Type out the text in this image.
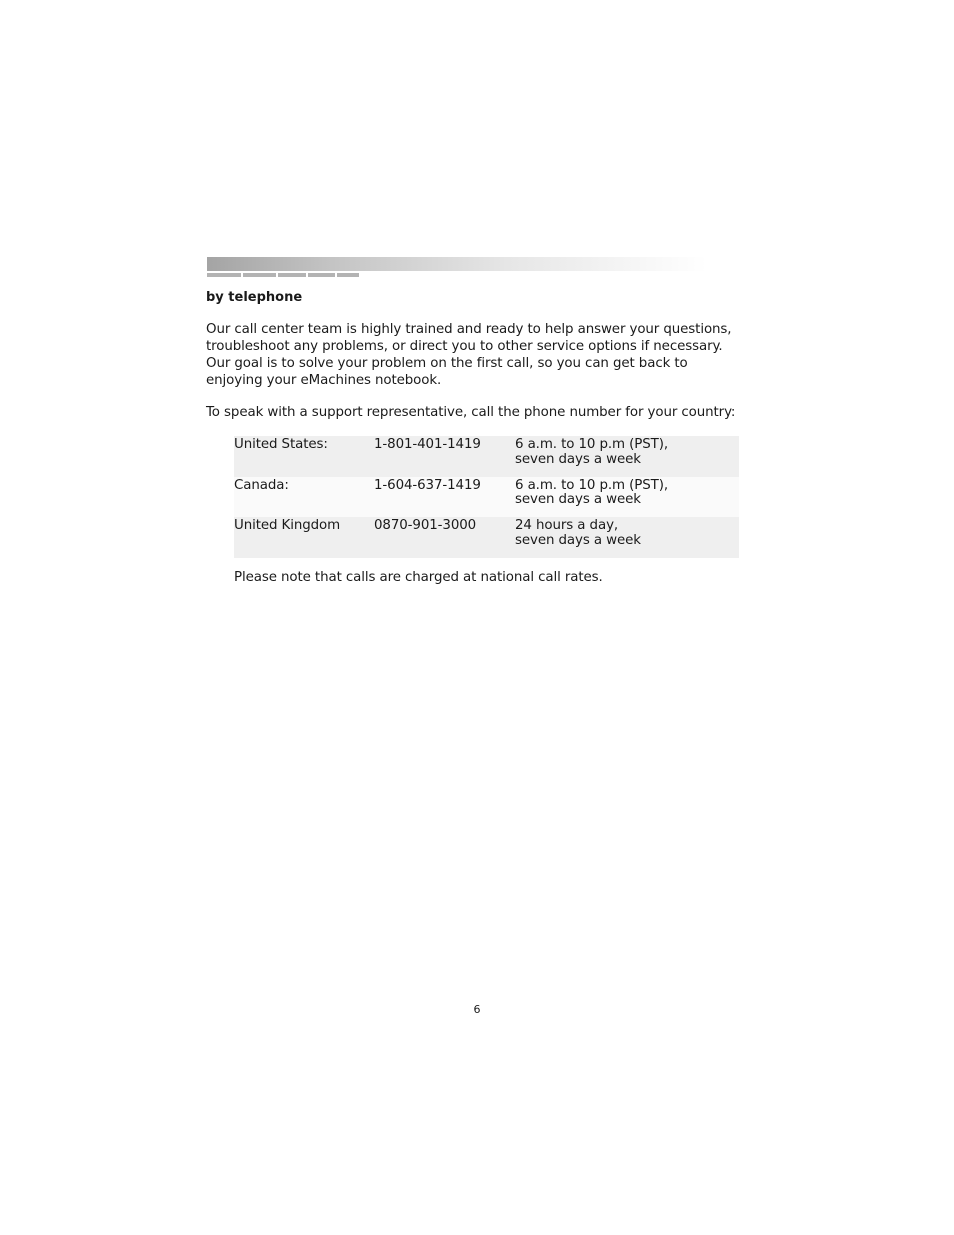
by telephone
Our call center team is highly trained and ready to help answer your questions,
troubleshoot any problems, or direct you to other service options if necessary.
Our goal is to solve your problem on the first call, so you can get back to
enjoying your eMachines notebook.
To speak with a support representative, call the phone number for your country:
United States:	1-801-401-1419	6 a.m. to 10 p.m (PST),
seven days a week

Canada:	1-604-637-1419	6 a.m. to 10 p.m (PST),
seven days a week

United Kingdom	0870-901-3000	24 hours a day,
seven days a week
Please note that calls are charged at national call rates.
6
